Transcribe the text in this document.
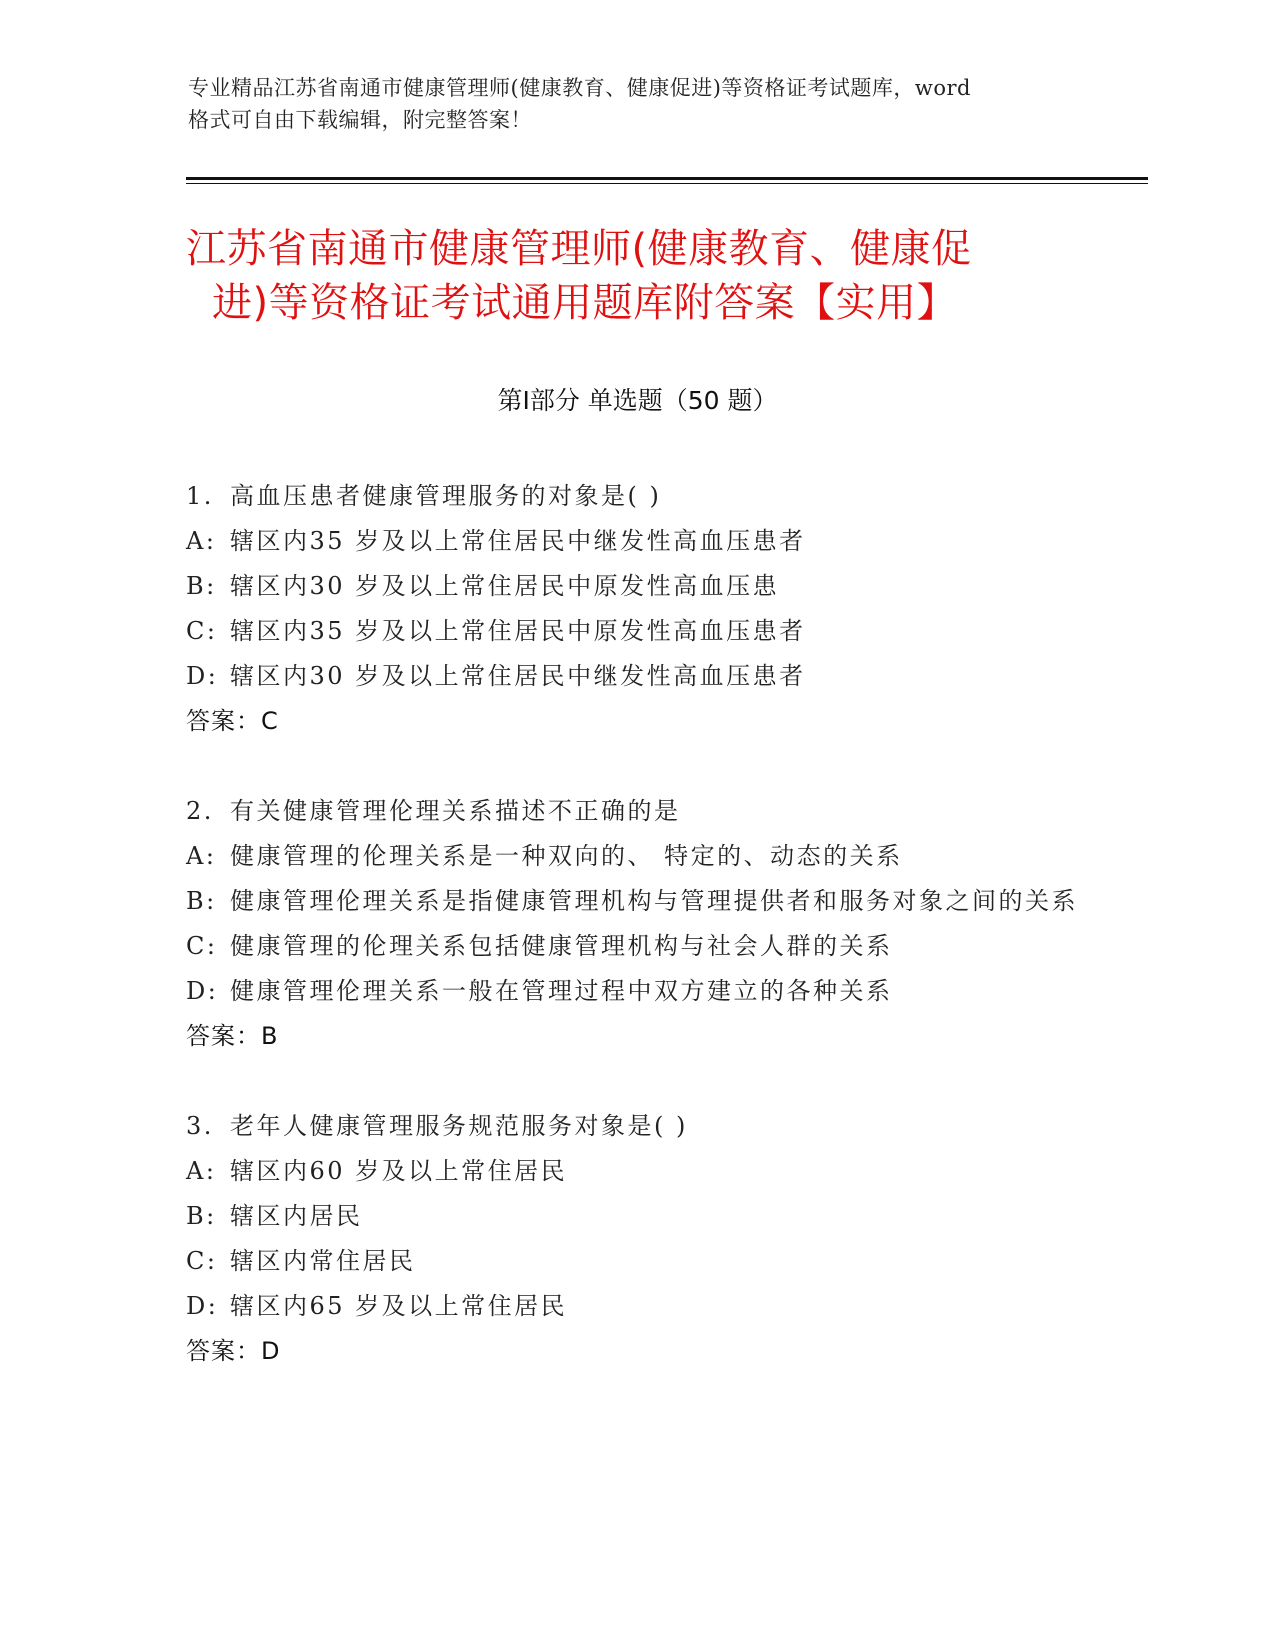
专业精品江苏省南通市健康管理师(健康教育、健康促进)等资格证考试题库，word
格式可自由下载编辑，附完整答案！
江苏省南通市健康管理师(健康教育、健康促
进)等资格证考试通用题库附答案【实用】
第Ⅰ部分 单选题（50 题）
1. 高血压患者健康管理服务的对象是( )
A: 辖区内35 岁及以上常住居民中继发性高血压患者
B: 辖区内30 岁及以上常住居民中原发性高血压患
C: 辖区内35 岁及以上常住居民中原发性高血压患者
D: 辖区内30 岁及以上常住居民中继发性高血压患者
答案：C
2. 有关健康管理伦理关系描述不正确的是
A: 健康管理的伦理关系是一种双向的、 特定的、动态的关系
B: 健康管理伦理关系是指健康管理机构与管理提供者和服务对象之间的关系
C: 健康管理的伦理关系包括健康管理机构与社会人群的关系
D: 健康管理伦理关系一般在管理过程中双方建立的各种关系
答案：B
3. 老年人健康管理服务规范服务对象是( )
A: 辖区内60 岁及以上常住居民
B: 辖区内居民
C: 辖区内常住居民
D: 辖区内65 岁及以上常住居民
答案：D
